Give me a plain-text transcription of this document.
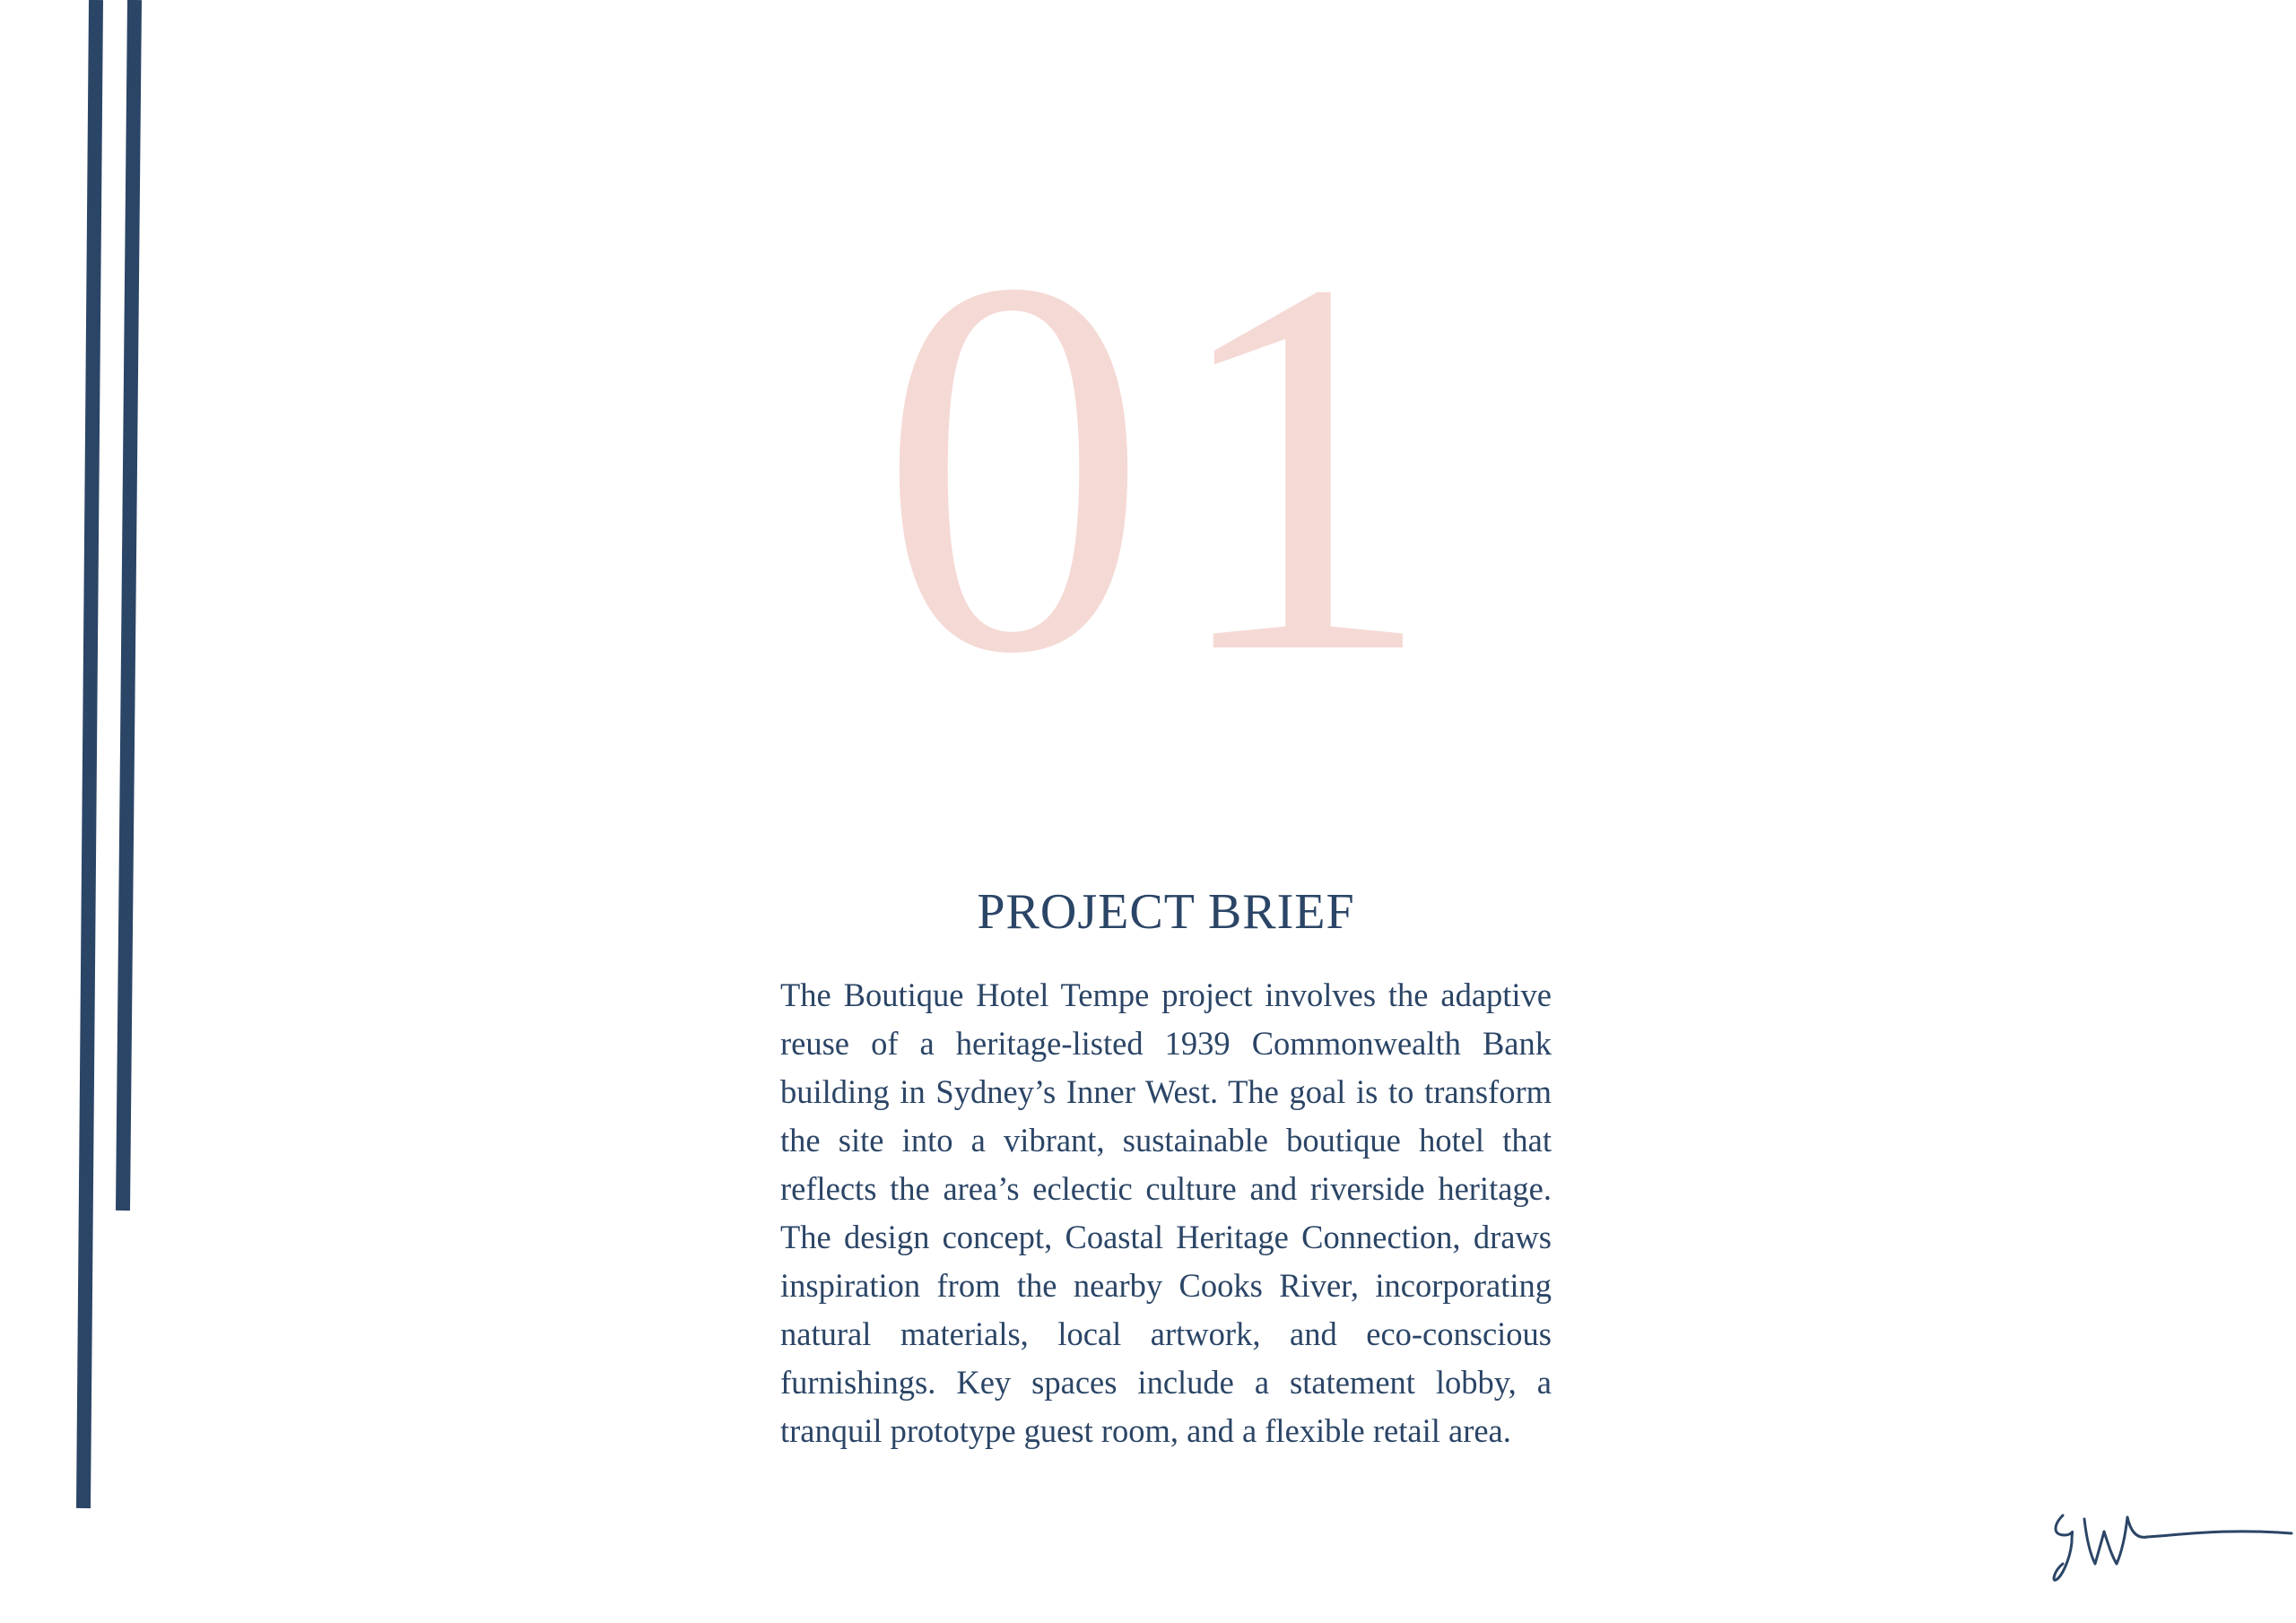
01
PROJECT BRIEF

The Boutique Hotel Tempe project involves the adaptive reuse of a heritage-listed 1939 Commonwealth Bank building in Sydney’s Inner West. The goal is to transform the site into a vibrant, sustainable boutique hotel that reflects the area’s eclectic culture and riverside heritage. The design concept, Coastal Heritage Connection, draws inspiration from the nearby Cooks River, incorporating natural materials, local artwork, and eco-conscious furnishings. Key spaces include a statement lobby, a tranquil prototype guest room, and a flexible retail area.
